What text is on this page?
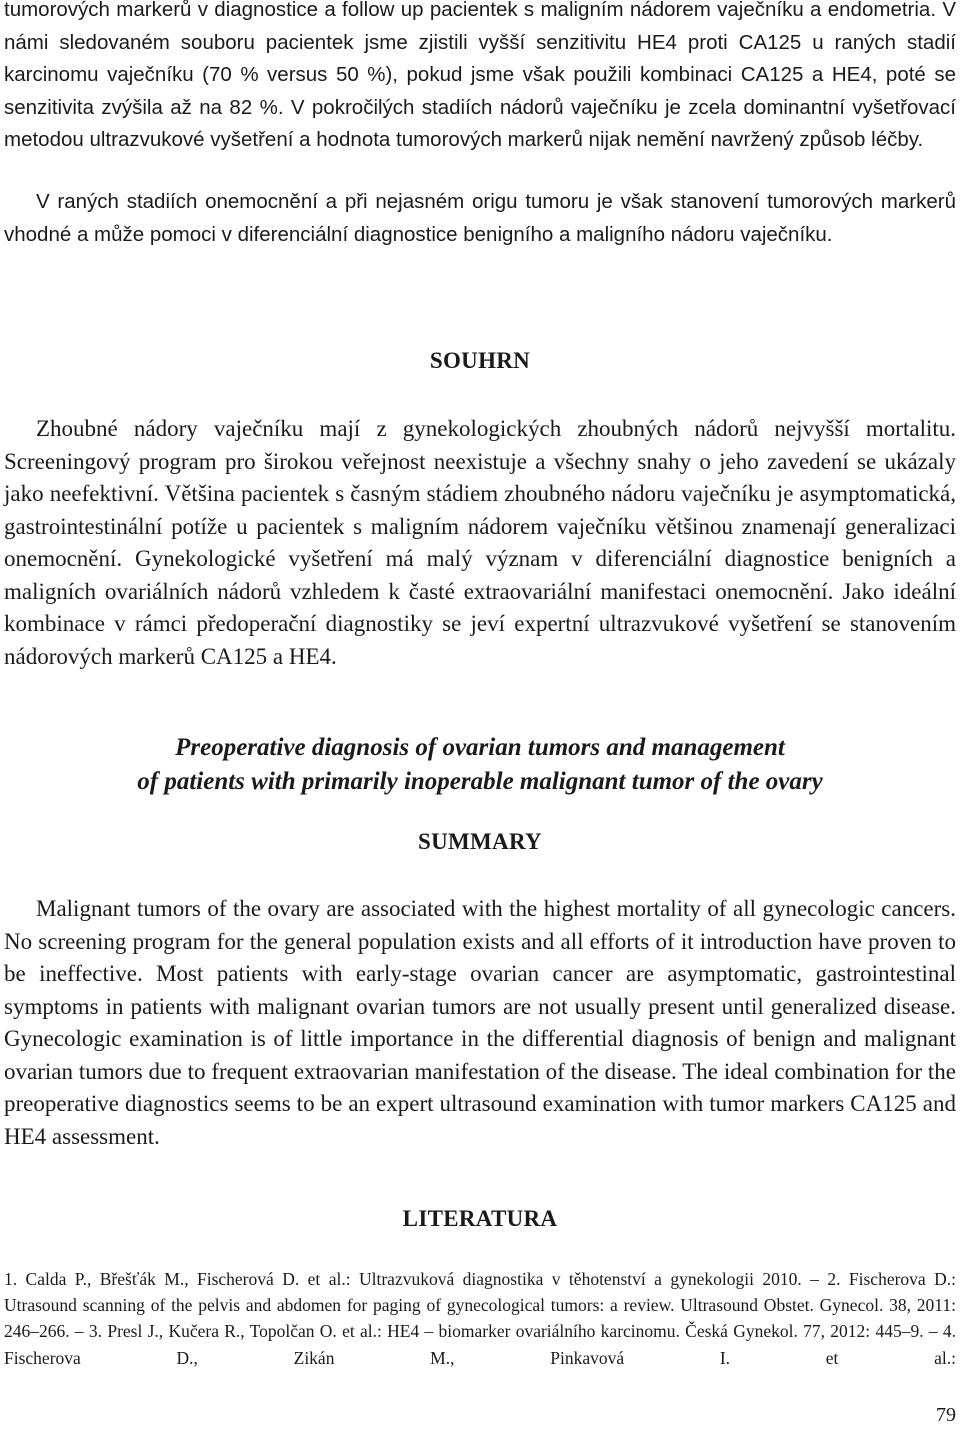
tumorových markerů v diagnostice a follow up pacientek s maligním nádorem vaječníku a endometria. V námi sledovaném souboru pacientek jsme zjistili vyšší senzitivitu HE4 proti CA125 u raných stadií karcinomu vaječníku (70 % versus 50 %), pokud jsme však použili kombinaci CA125 a HE4, poté se senzitivita zvýšila až na 82 %. V pokročilých stadiích nádorů vaječníku je zcela dominantní vyšetřovací metodou ultrazvukové vyšetření a hodnota tumorových markerů nijak nemění navržený způsob léčby.

V raných stadiích onemocnění a při nejasném origu tumoru je však stanovení tumorových markerů vhodné a může pomoci v diferenciální diagnostice benigního a maligního nádoru vaječníku.

SOUHRN

Zhoubné nádory vaječníku mají z gynekologických zhoubných nádorů nejvyšší mortalitu. Screeningový program pro širokou veřejnost neexistuje a všechny snahy o jeho zavedení se ukázaly jako neefektivní. Většina pacientek s časným stádiem zhoubného nádoru vaječníku je asymptomatická, gastrointestinální potíže u pacientek s maligním nádorem vaječníku většinou znamenají generalizaci onemocnění. Gynekologické vyšetření má malý význam v diferenciální diagnostice benigních a maligních ovariálních nádorů vzhledem k časté extraovariální manifestaci onemocnění. Jako ideální kombinace v rámci předoperační diagnostiky se jeví expertní ultrazvukové vyšetření se stanovením nádorových markerů CA125 a HE4.

Preoperative diagnosis of ovarian tumors and management
of patients with primarily inoperable malignant tumor of the ovary
SUMMARY

Malignant tumors of the ovary are associated with the highest mortality of all gynecologic cancers. No screening program for the general population exists and all efforts of it introduction have proven to be ineffective. Most patients with early-stage ovarian cancer are asymptomatic, gastrointestinal symptoms in patients with malignant ovarian tumors are not usually present until generalized disease. Gynecologic examination is of little importance in the differential diagnosis of benign and malignant ovarian tumors due to frequent extraovarian manifestation of the disease. The ideal combination for the preoperative diagnostics seems to be an expert ultrasound examination with tumor markers CA125 and HE4 assessment.

LITERATURA

1. Calda P., Břešťák M., Fischerová D. et al.: Ultrazvuková diagnostika v těhotenství a gynekologii 2010. – 2. Fischerova D.: Utrasound scanning of the pelvis and abdomen for paging of gynecological tumors: a review. Ultrasound Obstet. Gynecol. 38, 2011: 246–266. – 3. Presl J., Kučera R., Topolčan O. et al.: HE4 – biomarker ovariálního karcinomu. Česká Gynekol. 77, 2012: 445–9. – 4. Fischerova D., Zikán M., Pinkavová I. et al.:

79
